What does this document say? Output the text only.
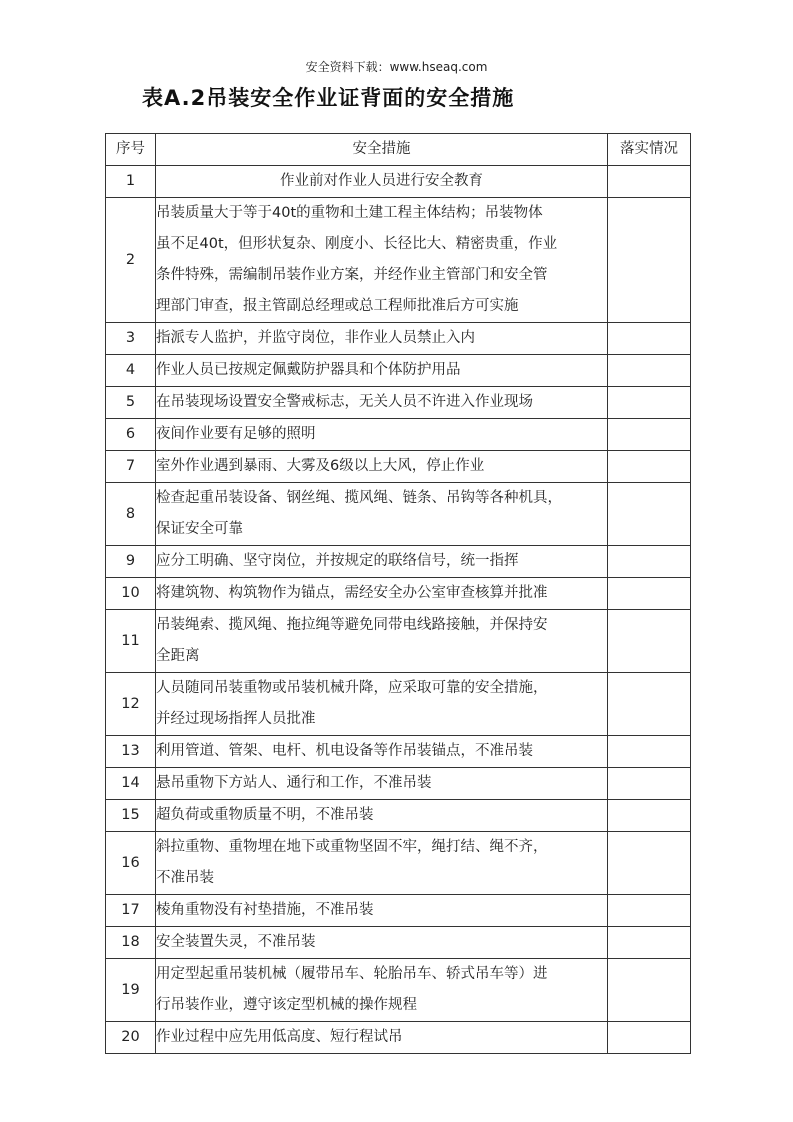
安全资料下载：www.hseaq.com
表A.2吊装安全作业证背面的安全措施
序号	安全措施	落实情况
1	作业前对作业人员进行安全教育	

2	吊装质量大于等于40t的重物和土建工程主体结构；吊装物体
虽不足40t，但形状复杂、刚度小、长径比大、精密贵重，作业
条件特殊，需编制吊装作业方案，并经作业主管部门和安全管
理部门审查，报主管副总经理或总工程师批准后方可实施	

3	指派专人监护，并监守岗位，非作业人员禁止入内	

4	作业人员已按规定佩戴防护器具和个体防护用品	

5	在吊装现场设置安全警戒标志，无关人员不许进入作业现场	

6	夜间作业要有足够的照明	

7	室外作业遇到暴雨、大雾及6级以上大风，停止作业	

8	检查起重吊装设备、钢丝绳、揽风绳、链条、吊钩等各种机具，
保证安全可靠	

9	应分工明确、坚守岗位，并按规定的联络信号，统一指挥	

10	将建筑物、构筑物作为锚点，需经安全办公室审查核算并批准	

11	吊装绳索、揽风绳、拖拉绳等避免同带电线路接触，并保持安
全距离	

12	人员随同吊装重物或吊装机械升降，应采取可靠的安全措施，
并经过现场指挥人员批准	

13	利用管道、管架、电杆、机电设备等作吊装锚点，不准吊装	

14	悬吊重物下方站人、通行和工作，不准吊装	

15	超负荷或重物质量不明，不准吊装	

16	斜拉重物、重物埋在地下或重物坚固不牢，绳打结、绳不齐，
不准吊装	

17	棱角重物没有衬垫措施，不准吊装	

18	安全装置失灵，不准吊装	

19	用定型起重吊装机械（履带吊车、轮胎吊车、轿式吊车等）进
行吊装作业，遵守该定型机械的操作规程	

20	作业过程中应先用低高度、短行程试吊	
